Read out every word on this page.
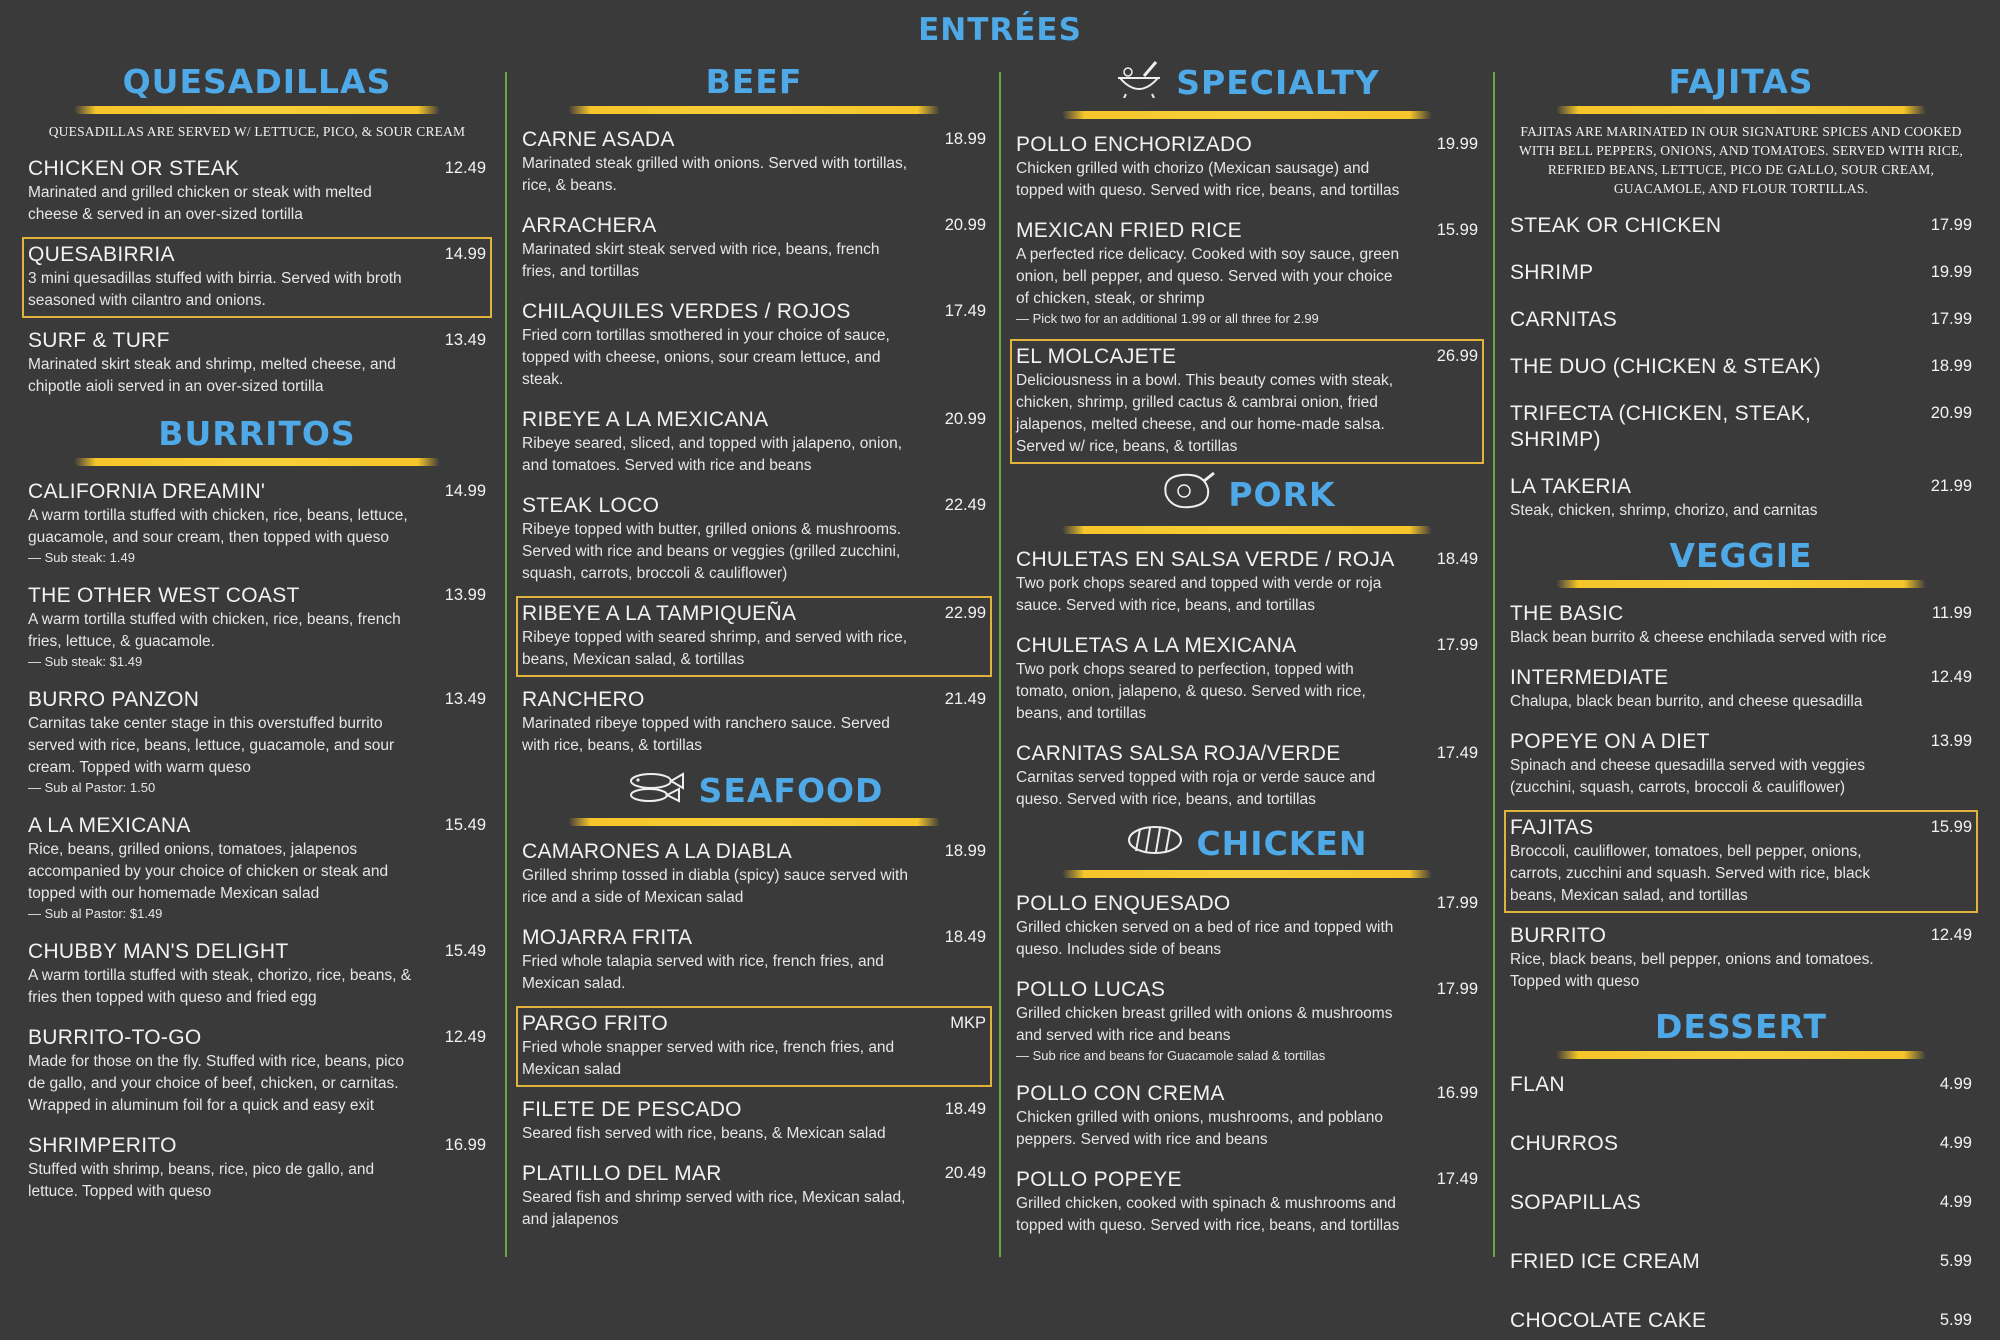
ENTRÉES
QUESADILLAS
QUESADILLAS ARE SERVED W/ LETTUCE, PICO, & SOUR CREAM
CHICKEN OR STEAK	12.49
Marinated and grilled chicken or steak with melted cheese & served in an over-sized tortilla
QUESABIRRIA	14.99
3 mini quesadillas stuffed with birria. Served with broth seasoned with cilantro and onions.
SURF & TURF	13.49
Marinated skirt steak and shrimp, melted cheese, and chipotle aioli served in an over-sized tortilla
BURRITOS
CALIFORNIA DREAMIN'	14.99
A warm tortilla stuffed with chicken, rice, beans, lettuce, guacamole, and sour cream, then topped with queso
— Sub steak: 1.49
THE OTHER WEST COAST	13.99
A warm tortilla stuffed with chicken, rice, beans, french fries, lettuce, & guacamole.
— Sub steak: $1.49
BURRO PANZON	13.49
Carnitas take center stage in this overstuffed burrito served with rice, beans, lettuce, guacamole, and sour cream. Topped with warm queso
— Sub al Pastor: 1.50
A LA MEXICANA	15.49
Rice, beans, grilled onions, tomatoes, jalapenos accompanied by your choice of chicken or steak and topped with our homemade Mexican salad
— Sub al Pastor: $1.49
CHUBBY MAN'S DELIGHT	15.49
A warm tortilla stuffed with steak, chorizo, rice, beans, & fries then topped with queso and fried egg
BURRITO-TO-GO	12.49
Made for those on the fly. Stuffed with rice, beans, pico de gallo, and your choice of beef, chicken, or carnitas. Wrapped in aluminum foil for a quick and easy exit
SHRIMPERITO	16.99
Stuffed with shrimp, beans, rice, pico de gallo, and lettuce. Topped with queso
BEEF
CARNE ASADA	18.99
Marinated steak grilled with onions. Served with tortillas, rice, & beans.
ARRACHERA	20.99
Marinated skirt steak served with rice, beans, french fries, and tortillas
CHILAQUILES VERDES / ROJOS	17.49
Fried corn tortillas smothered in your choice of sauce, topped with cheese, onions, sour cream lettuce, and steak.
RIBEYE A LA MEXICANA	20.99
Ribeye seared, sliced, and topped with jalapeno, onion, and tomatoes. Served with rice and beans
STEAK LOCO	22.49
Ribeye topped with butter, grilled onions & mushrooms. Served with rice and beans or veggies (grilled zucchini, squash, carrots, broccoli & cauliflower)
RIBEYE A LA TAMPIQUEÑA	22.99
Ribeye topped with seared shrimp, and served with rice, beans, Mexican salad, & tortillas
RANCHERO	21.49
Marinated ribeye topped with ranchero sauce. Served with rice, beans, & tortillas
SEAFOOD
CAMARONES A LA DIABLA	18.99
Grilled shrimp tossed in diabla (spicy) sauce served with rice and a side of Mexican salad
MOJARRA FRITA	18.49
Fried whole talapia served with rice, french fries, and Mexican salad.
PARGO FRITO	MKP
Fried whole snapper served with rice, french fries, and Mexican salad
FILETE DE PESCADO	18.49
Seared fish served with rice, beans, & Mexican salad
PLATILLO DEL MAR	20.49
Seared fish and shrimp served with rice, Mexican salad, and jalapenos
SPECIALTY
POLLO ENCHORIZADO	19.99
Chicken grilled with chorizo (Mexican sausage) and topped with queso. Served with rice, beans, and tortillas
MEXICAN FRIED RICE	15.99
A perfected rice delicacy. Cooked with soy sauce, green onion, bell pepper, and queso. Served with your choice of chicken, steak, or shrimp
— Pick two for an additional 1.99 or all three for 2.99
EL MOLCAJETE	26.99
Deliciousness in a bowl. This beauty comes with steak, chicken, shrimp, grilled cactus & cambrai onion, fried jalapenos, melted cheese, and our home-made salsa. Served w/ rice, beans, & tortillas
PORK
CHULETAS EN SALSA VERDE / ROJA	18.49
Two pork chops seared and topped with verde or roja sauce. Served with rice, beans, and tortillas
CHULETAS A LA MEXICANA	17.99
Two pork chops seared to perfection, topped with tomato, onion, jalapeno, & queso. Served with rice, beans, and tortillas
CARNITAS SALSA ROJA/VERDE	17.49
Carnitas served topped with roja or verde sauce and queso. Served with rice, beans, and tortillas
CHICKEN
POLLO ENQUESADO	17.99
Grilled chicken served on a bed of rice and topped with queso. Includes side of beans
POLLO LUCAS	17.99
Grilled chicken breast grilled with onions & mushrooms and served with rice and beans
— Sub rice and beans for Guacamole salad & tortillas
POLLO CON CREMA	16.99
Chicken grilled with onions, mushrooms, and poblano peppers. Served with rice and beans
POLLO POPEYE	17.49
Grilled chicken, cooked with spinach & mushrooms and topped with queso. Served with rice, beans, and tortillas
FAJITAS
FAJITAS ARE MARINATED IN OUR SIGNATURE SPICES AND COOKED WITH BELL PEPPERS, ONIONS, AND TOMATOES. SERVED WITH RICE, REFRIED BEANS, LETTUCE, PICO DE GALLO, SOUR CREAM, GUACAMOLE, AND FLOUR TORTILLAS.
STEAK OR CHICKEN	17.99
SHRIMP	19.99
CARNITAS	17.99
THE DUO (CHICKEN & STEAK)	18.99
TRIFECTA (CHICKEN, STEAK, SHRIMP)
20.99
LA TAKERIA	21.99
Steak, chicken, shrimp, chorizo, and carnitas
VEGGIE
THE BASIC	11.99
Black bean burrito & cheese enchilada served with rice
INTERMEDIATE	12.49
Chalupa, black bean burrito, and cheese quesadilla
POPEYE ON A DIET	13.99
Spinach and cheese quesadilla served with veggies (zucchini, squash, carrots, broccoli & cauliflower)
FAJITAS	15.99
Broccoli, cauliflower, tomatoes, bell pepper, onions, carrots, zucchini and squash. Served with rice, black beans, Mexican salad, and tortillas
BURRITO	12.49
Rice, black beans, bell pepper, onions and tomatoes. Topped with queso
DESSERT
FLAN	4.99
CHURROS	4.99
SOPAPILLAS	4.99
FRIED ICE CREAM	5.99
CHOCOLATE CAKE	5.99
